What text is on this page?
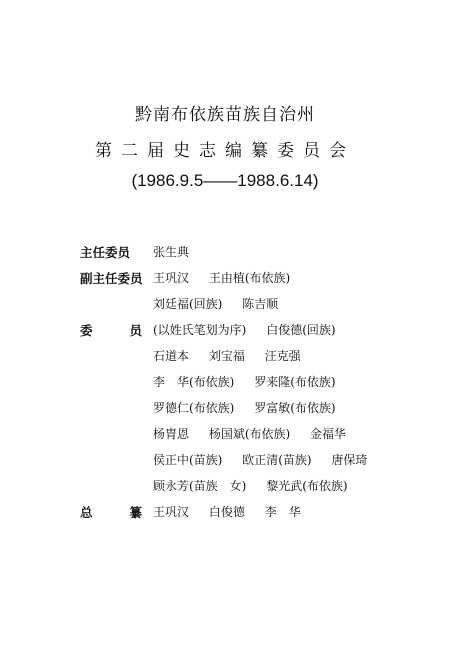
黔南布依族苗族自治州
第二届史志编纂委员会
(1986.9.5——1988.6.14)
主任委员	张生典
副主任委员 王巩汉 王由植(布依族)
刘廷福(回族) 陈吉顺
委	员 (以姓氏笔划为序) 白俊德(回族)
石道本 刘宝福 汪克强
李　华(布依族) 罗来隆(布依族)
罗德仁(布依族) 罗富敏(布依族)
杨胄恩 杨国斌(布依族) 金福华
侯正中(苗族) 欧正清(苗族) 唐保琦
顾永芳(苗族　女) 黎光武(布依族)
总	纂 王巩汉 白俊德 李　华
